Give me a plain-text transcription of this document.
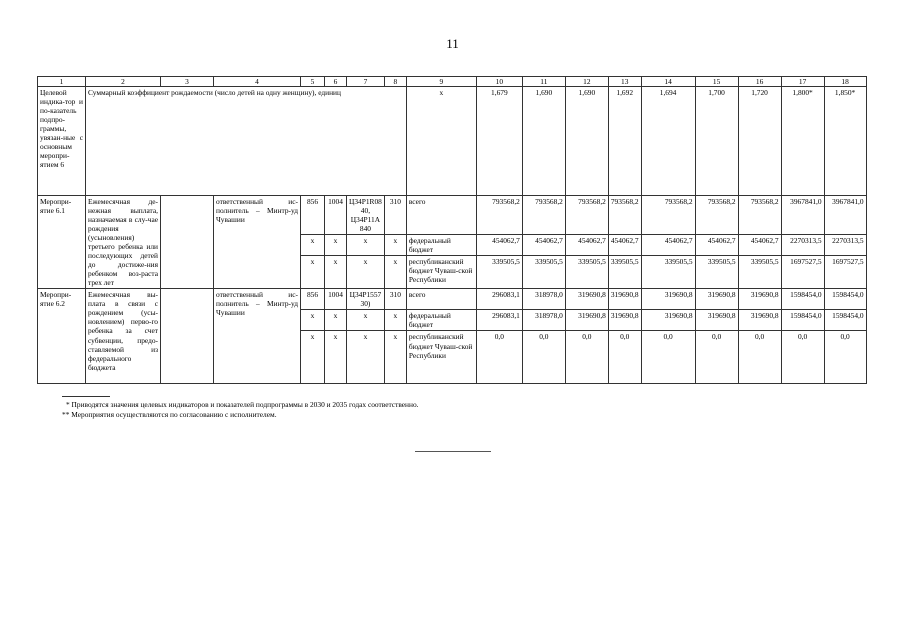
11
1	2	3	4	5	6	7	8	9	10	11	12	13	14	15	16	17	18
Целевой индика-тор и по-казатель подпро-граммы, увязан-ные с основным меропри-ятием 6	Суммарный коэффициент рождаемости (число детей на одну женщину), единиц							x	1,679	1,690	1,690	1,692	1,694	1,700	1,720	1,800*	1,850*
Меропри-ятие 6.1	Ежемесячная де-нежная выплата, назначаемая в слу-чае рождения (усыновления) третьего ребенка или последующих детей до достиже-ния ребенком воз-раста трех лет		ответственный ис-полнитель – Минтр-уд Чувашии	856	1004	Ц34Р1R08 40, Ц34Р11А 840	310	всего	793568,2	793568,2	793568,2	793568,2	793568,2	793568,2	793568,2	3967841,0	3967841,0
				x	x	x	x	федеральный бюджет	454062,7	454062,7	454062,7	454062,7	454062,7	454062,7	454062,7	2270313,5	2270313,5
				x	x	x	x	республиканский бюджет Чуваш-ской Республики	339505,5	339505,5	339505,5	339505,5	339505,5	339505,5	339505,5	1697527,5	1697527,5
Меропри-ятие 6.2	Ежемесячная вы-плата в связи с рождением (усы-новлением) перво-го ребенка за счет субвенции, предо-ставляемой из федерального бюджета		ответственный ис-полнитель – Минтр-уд Чувашии	856	1004	Ц34Р1557 30)	310	всего	296083,1	318978,0	319690,8	319690,8	319690,8	319690,8	319690,8	1598454,0	1598454,0
				x	x	x	x	федеральный бюджет	296083,1	318978,0	319690,8	319690,8	319690,8	319690,8	319690,8	1598454,0	1598454,0
				x	x	x	x	республиканский бюджет Чуваш-ской Республики	0,0	0,0	0,0	0,0	0,0	0,0	0,0	0,0	0,0
* Приводятся значения целевых индикаторов и показателей подпрограммы в 2030 и 2035 годах соответственно.
** Мероприятия осуществляются по согласованию с исполнителем.
